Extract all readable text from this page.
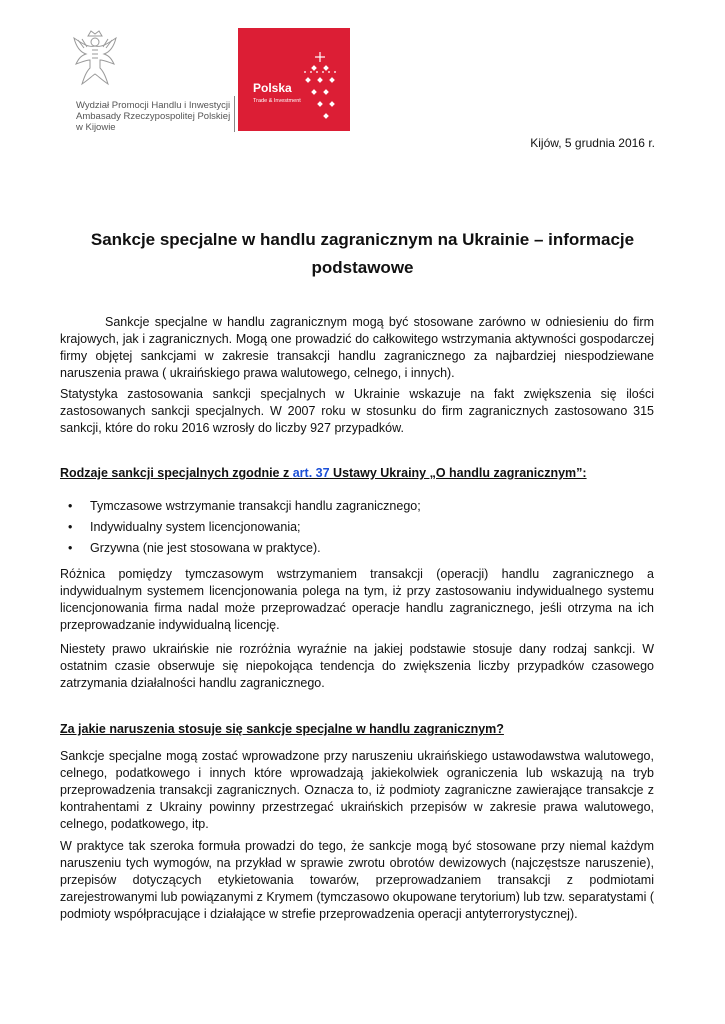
Wydział Promocji Handlu i Inwestycji
Ambasady Rzeczypospolitej Polskiej
w Kijowie
Polska
Trade & Investment
Kijów, 5 grudnia 2016 r.
Sankcje specjalne w handlu zagranicznym na Ukrainie – informacje
podstawowe
Sankcje specjalne w handlu zagranicznym mogą być stosowane zarówno w odniesieniu do firm krajowych, jak i zagranicznych. Mogą one prowadzić do całkowitego wstrzymania aktywności gospodarczej firmy objętej sankcjami w zakresie transakcji handlu zagranicznego za najbardziej niespodziewane naruszenia prawa ( ukraińskiego prawa walutowego, celnego, i innych).
Statystyka zastosowania sankcji specjalnych w Ukrainie wskazuje na fakt zwiększenia się ilości zastosowanych sankcji specjalnych. W 2007 roku w stosunku do firm zagranicznych zastosowano 315 sankcji, które do roku 2016 wzrosły do liczby 927 przypadków.
Rodzaje sankcji specjalnych zgodnie z art. 37 Ustawy Ukrainy „O handlu zagranicznym”:
• Tymczasowe wstrzymanie transakcji handlu zagranicznego;
• Indywidualny system licencjonowania;
• Grzywna (nie jest stosowana w praktyce).
Różnica pomiędzy tymczasowym wstrzymaniem transakcji (operacji) handlu zagranicznego a indywidualnym systemem licencjonowania polega na tym, iż przy zastosowaniu indywidualnego systemu licencjonowania firma nadal może przeprowadzać operacje handlu zagranicznego, jeśli otrzyma na ich przeprowadzanie indywidualną licencję.
Niestety prawo ukraińskie nie rozróżnia wyraźnie na jakiej podstawie stosuje dany rodzaj sankcji. W ostatnim czasie obserwuje się niepokojąca tendencja do zwiększenia liczby przypadków czasowego zatrzymania działalności handlu zagranicznego.
Za jakie naruszenia stosuje się sankcje specjalne w handlu zagranicznym?
Sankcje specjalne mogą zostać wprowadzone przy naruszeniu ukraińskiego ustawodawstwa walutowego, celnego, podatkowego i innych które wprowadzają jakiekolwiek ograniczenia lub wskazują na tryb przeprowadzenia transakcji zagranicznych. Oznacza to, iż podmioty zagraniczne zawierające transakcje z kontrahentami z Ukrainy powinny przestrzegać ukraińskich przepisów w zakresie prawa walutowego, celnego, podatkowego, itp.
W praktyce tak szeroka formuła prowadzi do tego, że sankcje mogą być stosowane przy niemal każdym naruszeniu tych wymogów, na przykład w sprawie zwrotu obrotów dewizowych (najczęstsze naruszenie), przepisów dotyczących etykietowania towarów, przeprowadzaniem transakcji z podmiotami zarejestrowanymi lub powiązanymi z Krymem (tymczasowo okupowane terytorium) lub tzw. separatystami ( podmioty współpracujące i działające w strefie przeprowadzenia operacji antyterrorystycznej).
